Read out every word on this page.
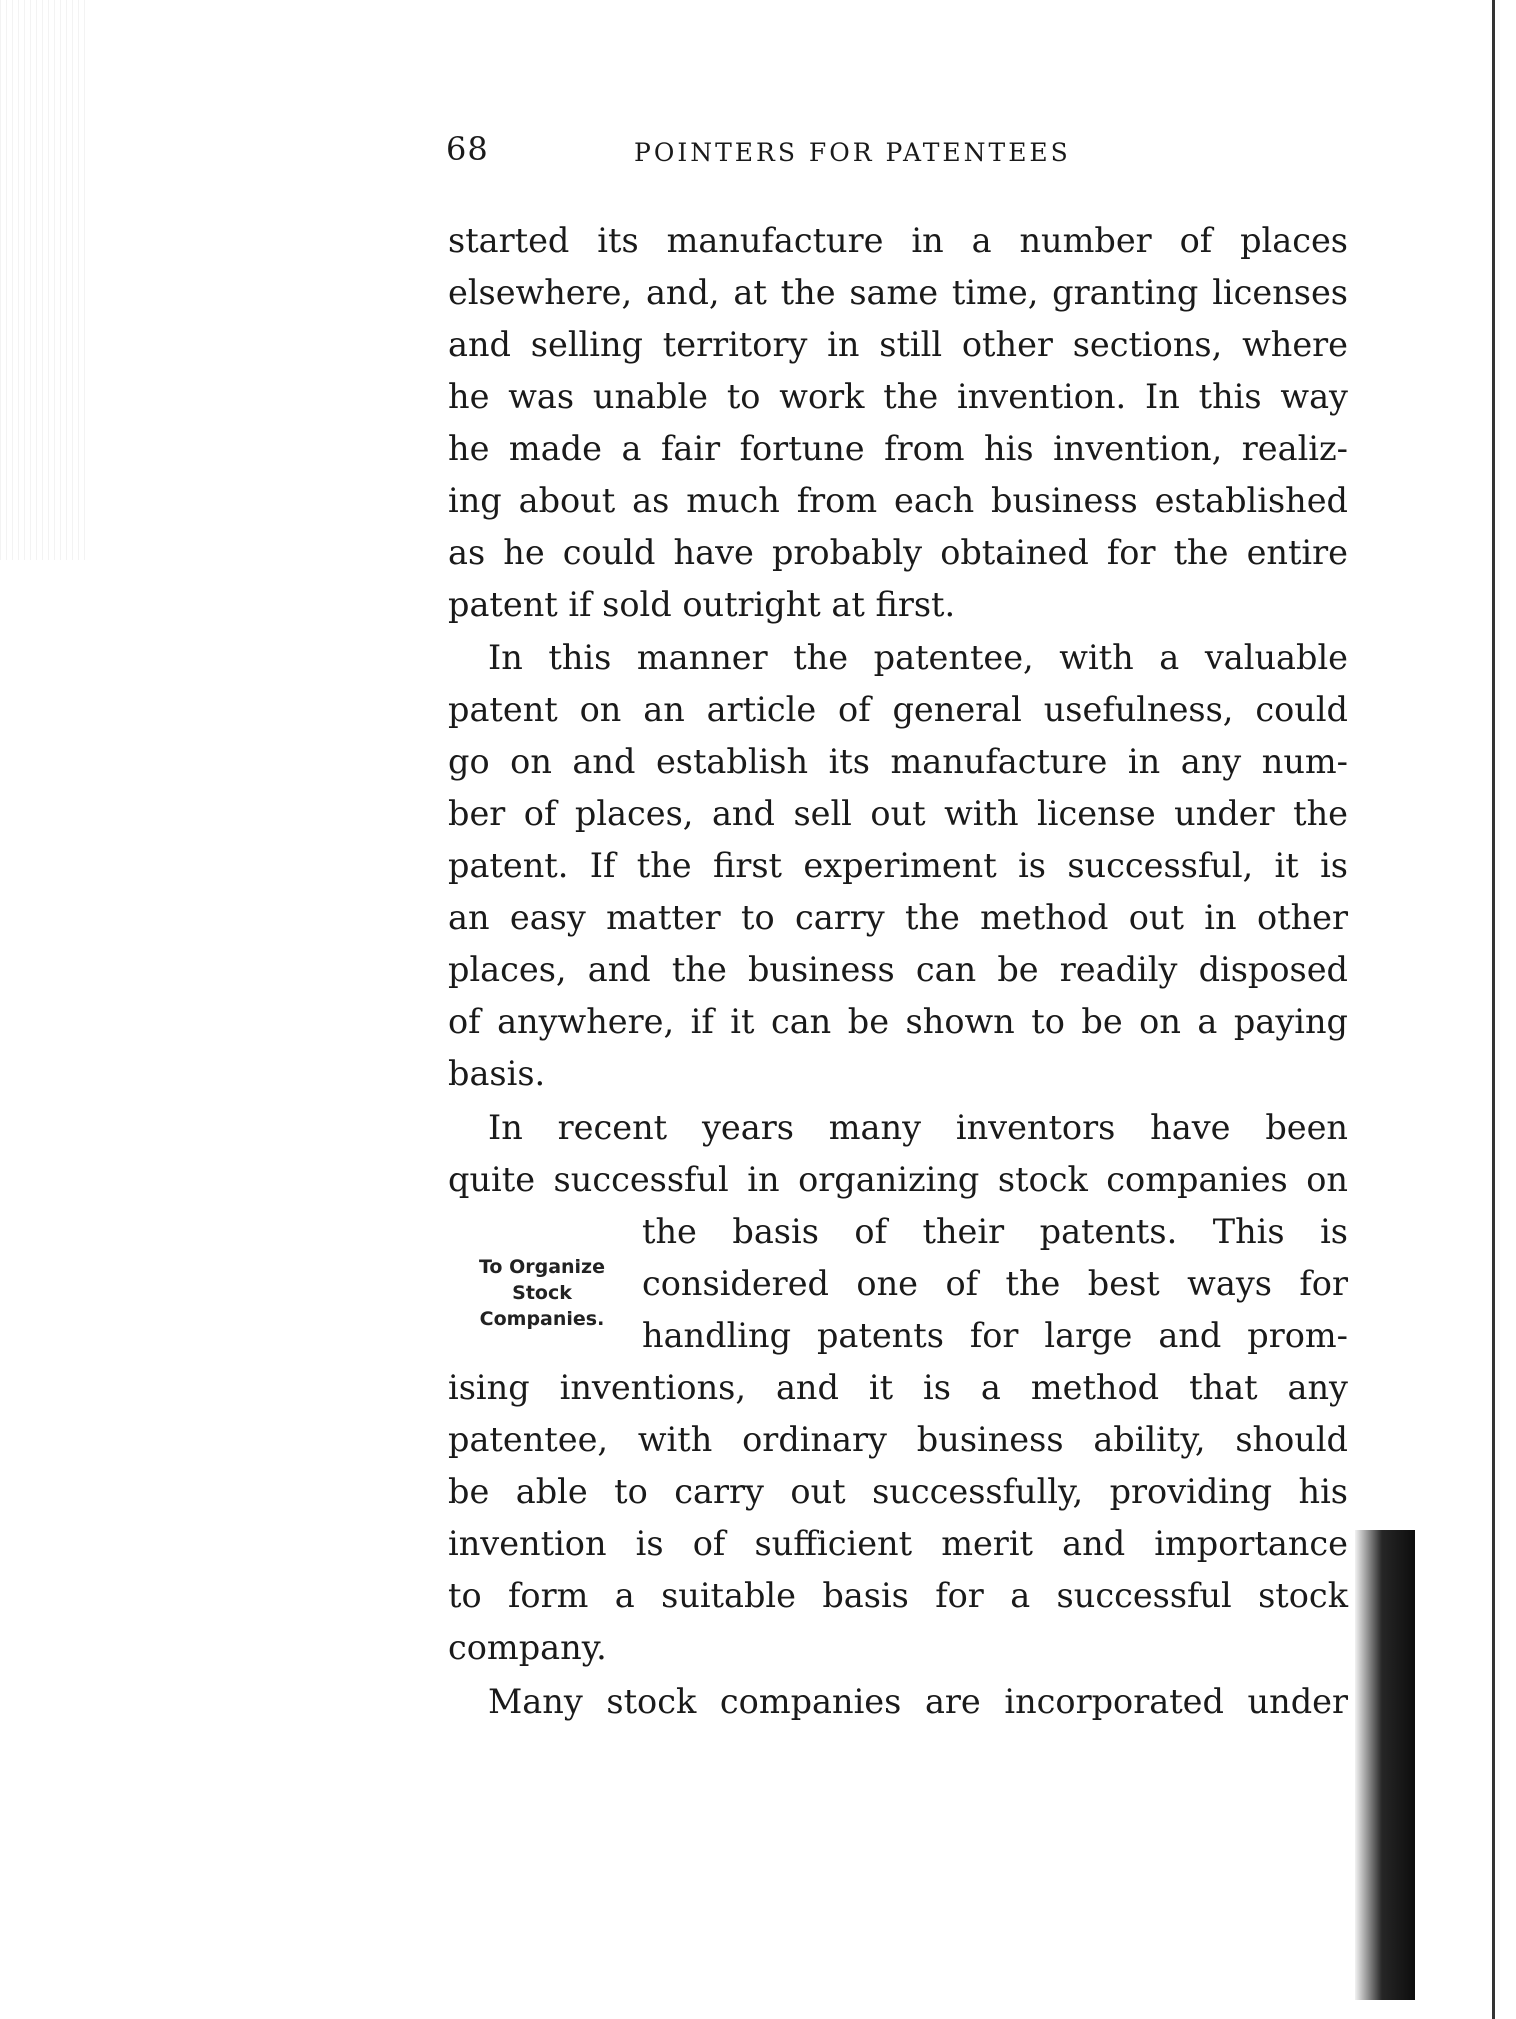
68	POINTERS FOR PATENTEES
To Organize
Stock
Companies.
started its manufacture in a number of places
elsewhere, and, at the same time, granting licenses
and selling territory in still other sections, where
he was unable to work the invention. In this way
he made a fair fortune from his invention, realiz-
ing about as much from each business established
as he could have probably obtained for the entire
patent if sold outright at first.
In this manner the patentee, with a valuable
patent on an article of general usefulness, could
go on and establish its manufacture in any num-
ber of places, and sell out with license under the
patent. If the first experiment is successful, it is
an easy matter to carry the method out in other
places, and the business can be readily disposed
of anywhere, if it can be shown to be on a paying
basis.
In recent years many inventors have been
quite successful in organizing stock companies on
the basis of their patents. This is
considered one of the best ways for
handling patents for large and prom-
ising inventions, and it is a method that any
patentee, with ordinary business ability, should
be able to carry out successfully, providing his
invention is of sufficient merit and importance
to form a suitable basis for a successful stock
company.
Many stock companies are incorporated under
